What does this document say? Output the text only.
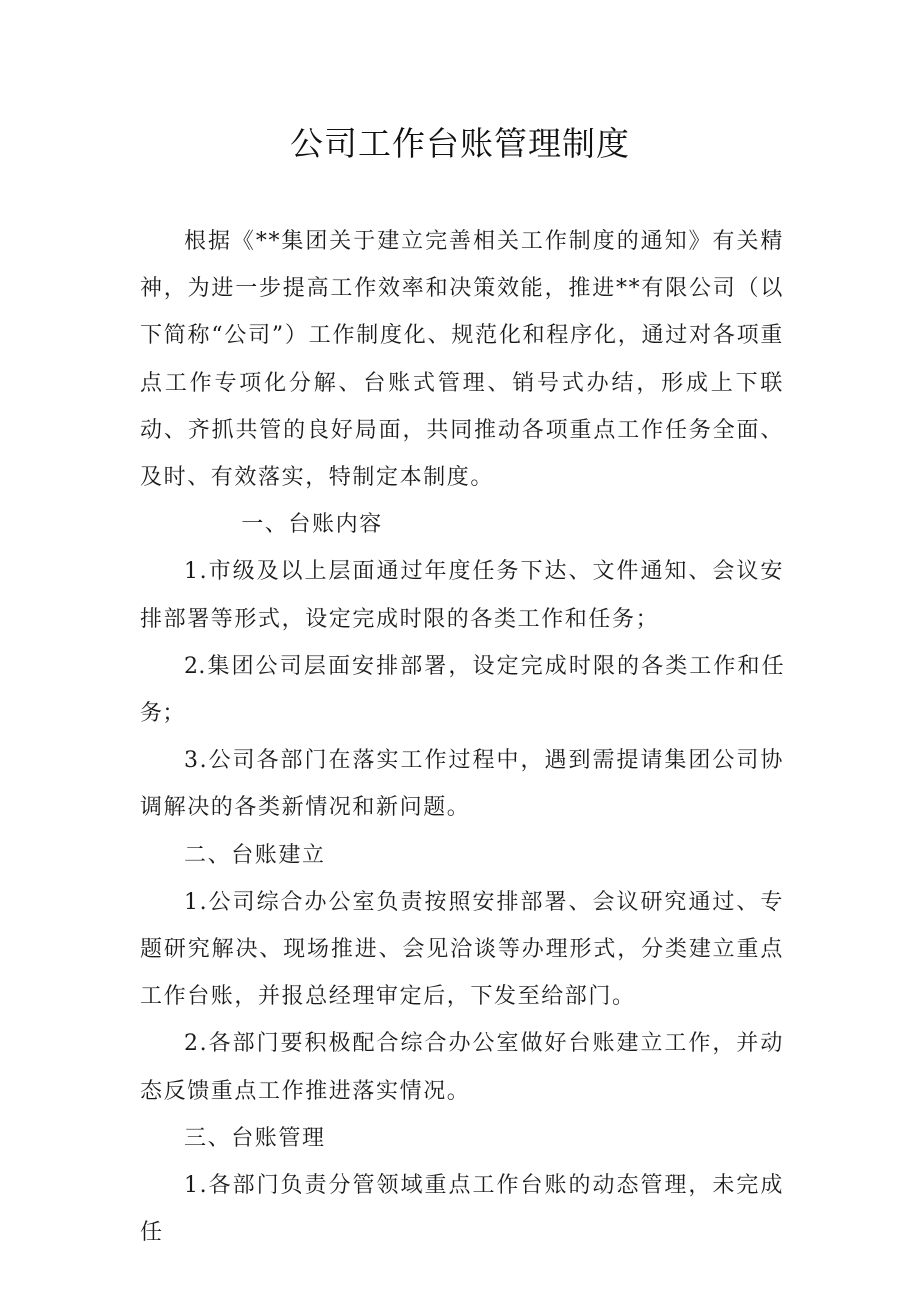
公司工作台账管理制度

根据《**集团关于建立完善相关工作制度的通知》有关精神，为进一步提高工作效率和决策效能，推进**有限公司（以下简称“公司”）工作制度化、规范化和程序化，通过对各项重点工作专项化分解、台账式管理、销号式办结，形成上下联动、齐抓共管的良好局面，共同推动各项重点工作任务全面、及时、有效落实，特制定本制度。

一、台账内容

1.市级及以上层面通过年度任务下达、文件通知、会议安排部署等形式，设定完成时限的各类工作和任务；

2.集团公司层面安排部署，设定完成时限的各类工作和任务；

3.公司各部门在落实工作过程中，遇到需提请集团公司协调解决的各类新情况和新问题。

二、台账建立

1.公司综合办公室负责按照安排部署、会议研究通过、专题研究解决、现场推进、会见洽谈等办理形式，分类建立重点工作台账，并报总经理审定后，下发至给部门。

2.各部门要积极配合综合办公室做好台账建立工作，并动态反馈重点工作推进落实情况。

三、台账管理

1.各部门负责分管领域重点工作台账的动态管理，未完成任
